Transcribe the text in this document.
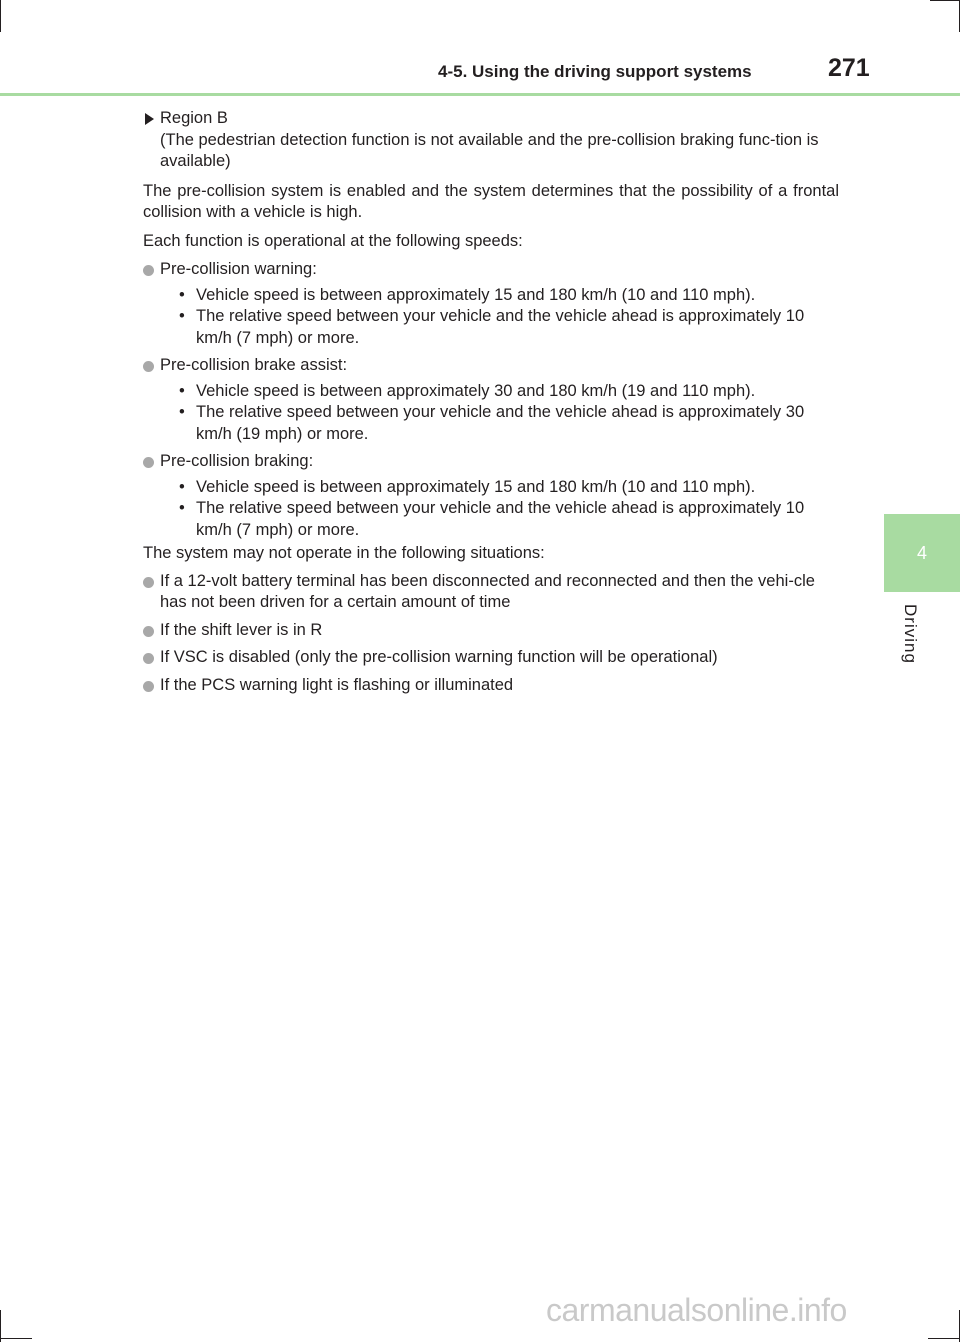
4-5. Using the driving support systems	271
4
Driving
Region B
(The pedestrian detection function is not available and the pre-collision braking func-tion is available)

The pre-collision system is enabled and the system determines that the possibility of a frontal collision with a vehicle is high.

Each function is operational at the following speeds:

Pre-collision warning:
• Vehicle speed is between approximately 15 and 180 km/h (10 and 110 mph).
• The relative speed between your vehicle and the vehicle ahead is approximately 10 km/h (7 mph) or more.
Pre-collision brake assist:
• Vehicle speed is between approximately 30 and 180 km/h (19 and 110 mph).
• The relative speed between your vehicle and the vehicle ahead is approximately 30 km/h (19 mph) or more.
Pre-collision braking:
• Vehicle speed is between approximately 15 and 180 km/h (10 and 110 mph).
• The relative speed between your vehicle and the vehicle ahead is approximately 10 km/h (7 mph) or more.

The system may not operate in the following situations:

If a 12-volt battery terminal has been disconnected and reconnected and then the vehi-cle has not been driven for a certain amount of time
If the shift lever is in R
If VSC is disabled (only the pre-collision warning function will be operational)
If the PCS warning light is flashing or illuminated
carmanualsonline.info
